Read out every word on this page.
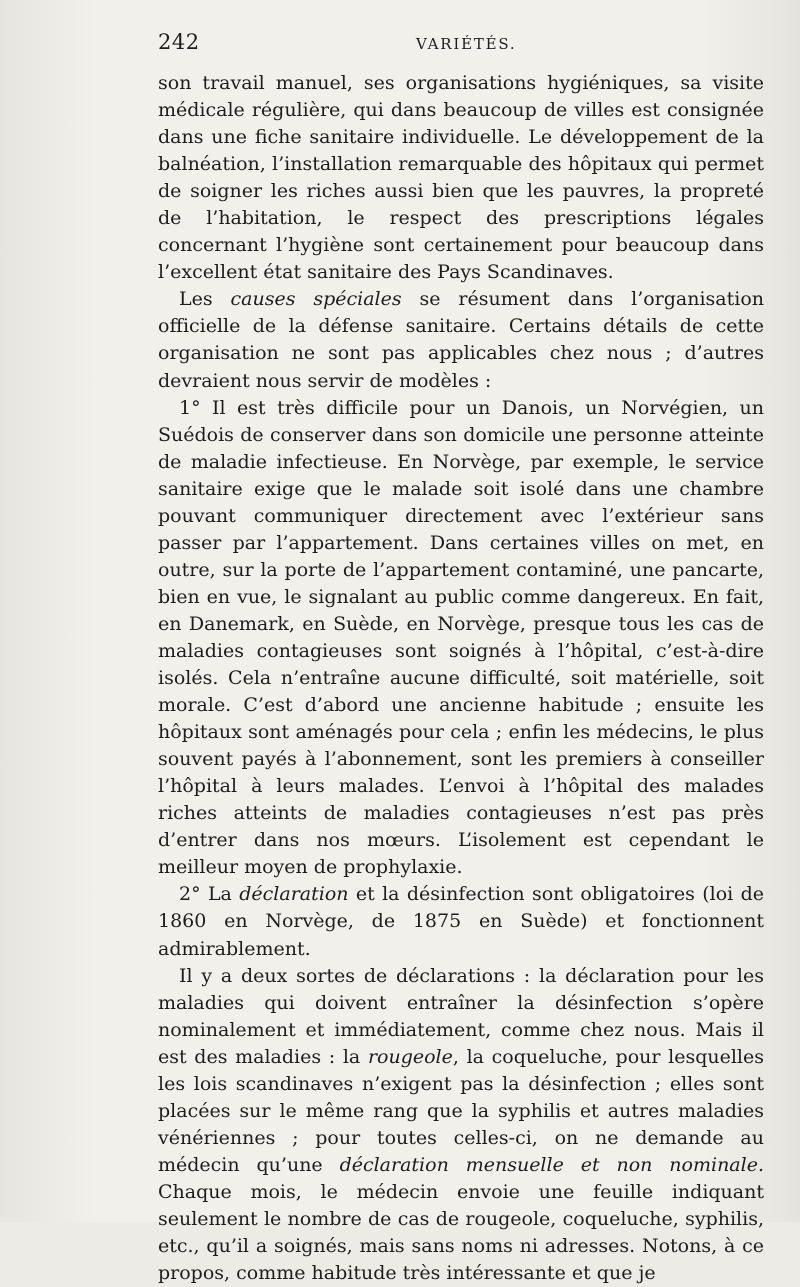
242	VARIÉTÉS.

son travail manuel, ses organisations hygiéniques, sa visite médicale régulière, qui dans beaucoup de villes est consignée dans une fiche sanitaire individuelle. Le développement de la balnéation, l’installation remarquable des hôpitaux qui permet de soigner les riches aussi bien que les pauvres, la propreté de l’habitation, le respect des prescriptions légales concernant l’hygiène sont certainement pour beaucoup dans l’excellent état sanitaire des Pays Scandinaves.

Les causes spéciales se résument dans l’organisation officielle de la défense sanitaire. Certains détails de cette organisation ne sont pas applicables chez nous ; d’autres devraient nous servir de modèles :

1° Il est très difficile pour un Danois, un Norvégien, un Suédois de conserver dans son domicile une personne atteinte de maladie infectieuse. En Norvège, par exemple, le service sanitaire exige que le malade soit isolé dans une chambre pouvant communiquer directement avec l’extérieur sans passer par l’appartement. Dans certaines villes on met, en outre, sur la porte de l’appartement contaminé, une pancarte, bien en vue, le signalant au public comme dangereux. En fait, en Danemark, en Suède, en Norvège, presque tous les cas de maladies contagieuses sont soignés à l’hôpital, c’est-à-dire isolés. Cela n’entraîne aucune difficulté, soit matérielle, soit morale. C’est d’abord une ancienne habitude ; ensuite les hôpitaux sont aménagés pour cela ; enfin les médecins, le plus souvent payés à l’abonnement, sont les premiers à conseiller l’hôpital à leurs malades. L’envoi à l’hôpital des malades riches atteints de maladies contagieuses n’est pas près d’entrer dans nos mœurs. L’isolement est cependant le meilleur moyen de prophylaxie.

2° La déclaration et la désinfection sont obligatoires (loi de 1860 en Norvège, de 1875 en Suède) et fonctionnent admirablement.

Il y a deux sortes de déclarations : la déclaration pour les maladies qui doivent entraîner la désinfection s’opère nominalement et immédiatement, comme chez nous. Mais il est des maladies : la rougeole, la coqueluche, pour lesquelles les lois scandinaves n’exigent pas la désinfection ; elles sont placées sur le même rang que la syphilis et autres maladies vénériennes ; pour toutes celles-ci, on ne demande au médecin qu’une déclaration mensuelle et non nominale. Chaque mois, le médecin envoie une feuille indiquant seulement le nombre de cas de rougeole, coqueluche, syphilis, etc., qu’il a soignés, mais sans noms ni adresses. Notons, à ce propos, comme habitude très intéressante et que je
